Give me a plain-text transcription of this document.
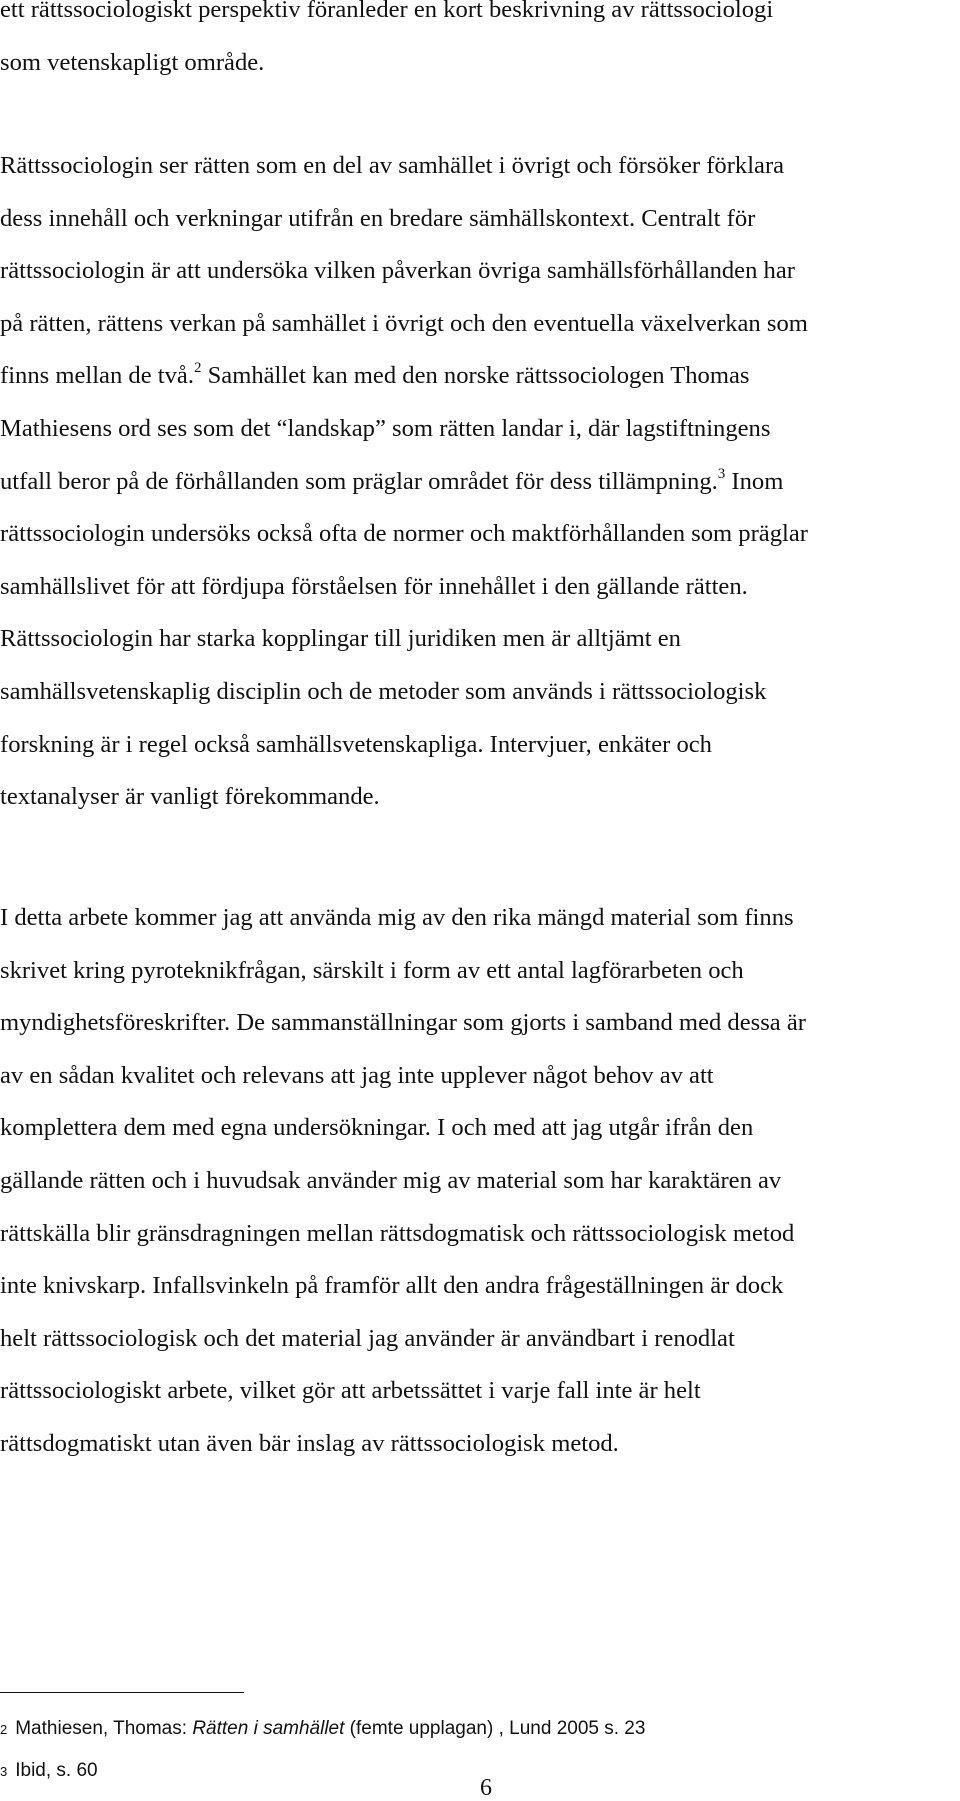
ett rättssociologiskt perspektiv föranleder en kort beskrivning av rättssociologi
som vetenskapligt område.
Rättssociologin ser rätten som en del av samhället i övrigt och försöker förklara
dess innehåll och verkningar utifrån en bredare sämhällskontext. Centralt för
rättssociologin är att undersöka vilken påverkan övriga samhällsförhållanden har
på rätten, rättens verkan på samhället i övrigt och den eventuella växelverkan som
finns mellan de två.$^2$ Samhället kan med den norske rättssociologen Thomas
Mathiesens ord ses som det “landskap” som rätten landar i, där lagstiftningens
utfall beror på de förhållanden som präglar området för dess tillämpning.$^3$ Inom
rättssociologin undersöks också ofta de normer och maktförhållanden som präglar
samhällslivet för att fördjupa förståelsen för innehållet i den gällande rätten.
Rättssociologin har starka kopplingar till juridiken men är alltjämt en
samhällsvetenskaplig disciplin och de metoder som används i rättssociologisk
forskning är i regel också samhällsvetenskapliga. Intervjuer, enkäter och
textanalyser är vanligt förekommande.
I detta arbete kommer jag att använda mig av den rika mängd material som finns
skrivet kring pyroteknikfrågan, särskilt i form av ett antal lagförarbeten och
myndighetsföreskrifter. De sammanställningar som gjorts i samband med dessa är
av en sådan kvalitet och relevans att jag inte upplever något behov av att
komplettera dem med egna undersökningar. I och med att jag utgår ifrån den
gällande rätten och i huvudsak använder mig av material som har karaktären av
rättskälla blir gränsdragningen mellan rättsdogmatisk och rättssociologisk metod
inte knivskarp. Infallsvinkeln på framför allt den andra frågeställningen är dock
helt rättssociologisk och det material jag använder är användbart i renodlat
rättssociologiskt arbete, vilket gör att arbetssättet i varje fall inte är helt
rättsdogmatiskt utan även bär inslag av rättssociologisk metod.
2 Mathiesen, Thomas: Rätten i samhället (femte upplagan) , Lund 2005 s. 23
3 Ibid, s. 60
6
